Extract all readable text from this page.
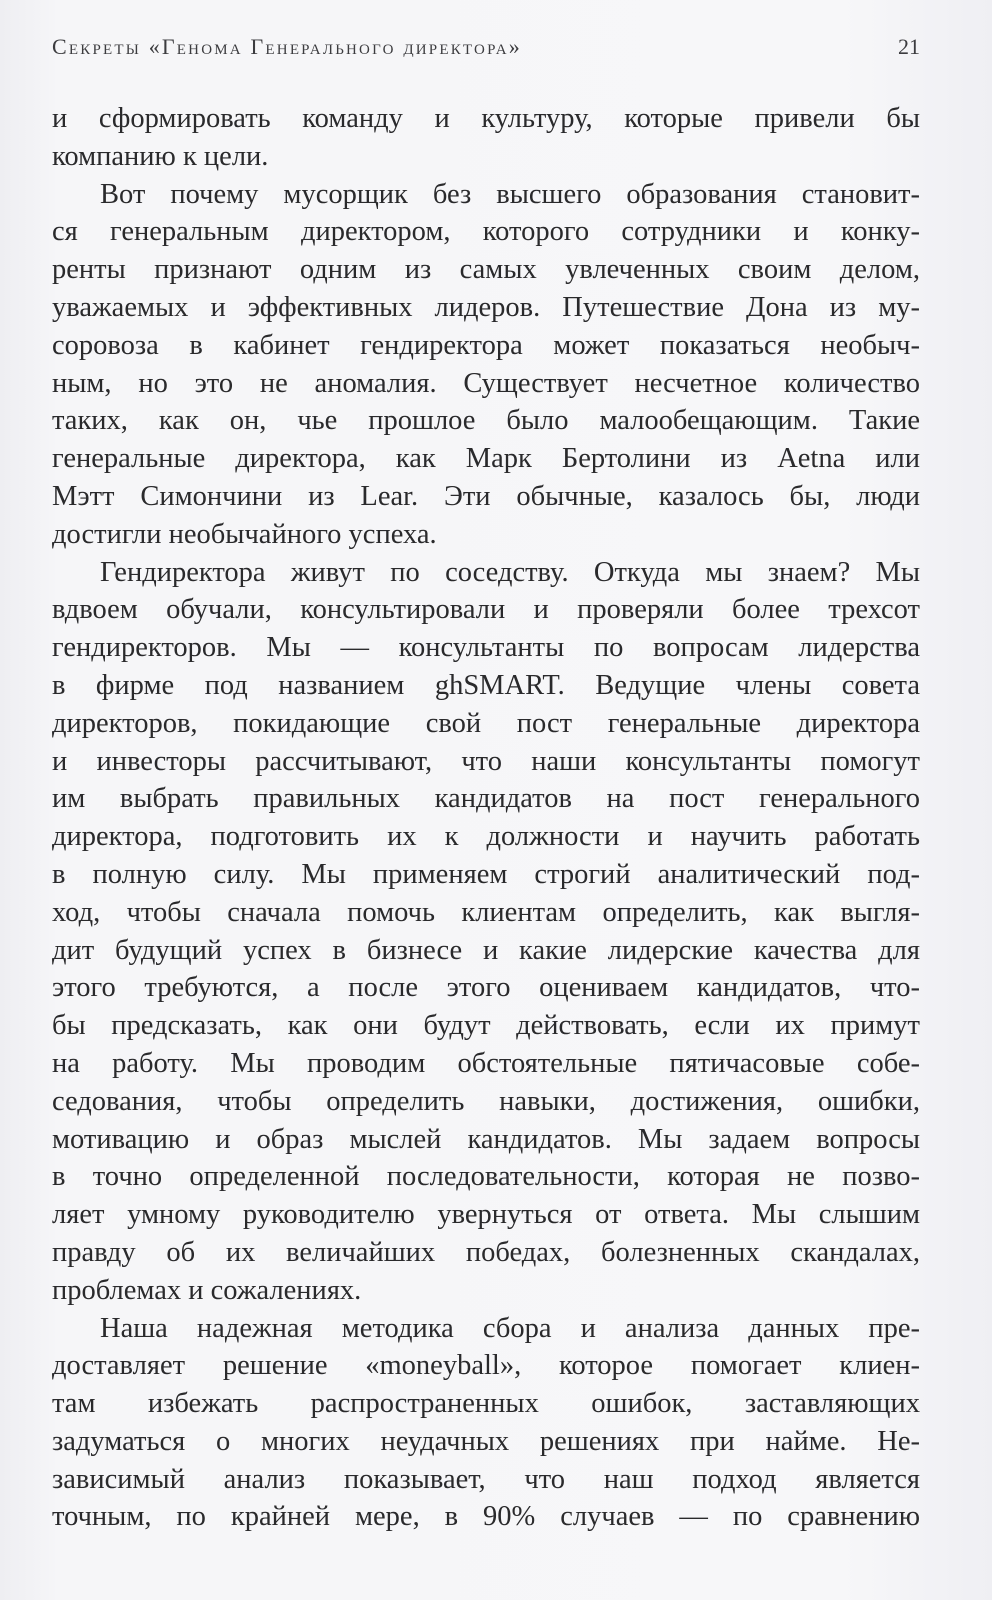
Секреты «Генома Генерального директора»	21
и сформировать команду и культуру, которые привели бы
компанию к цели.
Вот почему мусорщик без высшего образования становит-
ся генеральным директором, которого сотрудники и конку-
ренты признают одним из самых увлеченных своим делом,
уважаемых и эффективных лидеров. Путешествие Дона из му-
соровоза в кабинет гендиректора может показаться необыч-
ным, но это не аномалия. Существует несчетное количество
таких, как он, чье прошлое было малообещающим. Такие
генеральные директора, как Марк Бертолини из Aetna или
Мэтт Симончини из Lear. Эти обычные, казалось бы, люди
достигли необычайного успеха.
Гендиректора живут по соседству. Откуда мы знаем? Мы
вдвоем обучали, консультировали и проверяли более трехсот
гендиректоров. Мы — консультанты по вопросам лидерства
в фирме под названием ghSMART. Ведущие члены совета
директоров, покидающие свой пост генеральные директора
и инвесторы рассчитывают, что наши консультанты помогут
им выбрать правильных кандидатов на пост генерального
директора, подготовить их к должности и научить работать
в полную силу. Мы применяем строгий аналитический под-
ход, чтобы сначала помочь клиентам определить, как выгля-
дит будущий успех в бизнесе и какие лидерские качества для
этого требуются, а после этого оцениваем кандидатов, что-
бы предсказать, как они будут действовать, если их примут
на работу. Мы проводим обстоятельные пятичасовые собе-
седования, чтобы определить навыки, достижения, ошибки,
мотивацию и образ мыслей кандидатов. Мы задаем вопросы
в точно определенной последовательности, которая не позво-
ляет умному руководителю увернуться от ответа. Мы слышим
правду об их величайших победах, болезненных скандалах,
проблемах и сожалениях.
Наша надежная методика сбора и анализа данных пре-
доставляет решение «moneyball», которое помогает клиен-
там избежать распространенных ошибок, заставляющих
задуматься о многих неудачных решениях при найме. Не-
зависимый анализ показывает, что наш подход является
точным, по крайней мере, в 90% случаев — по сравнению
